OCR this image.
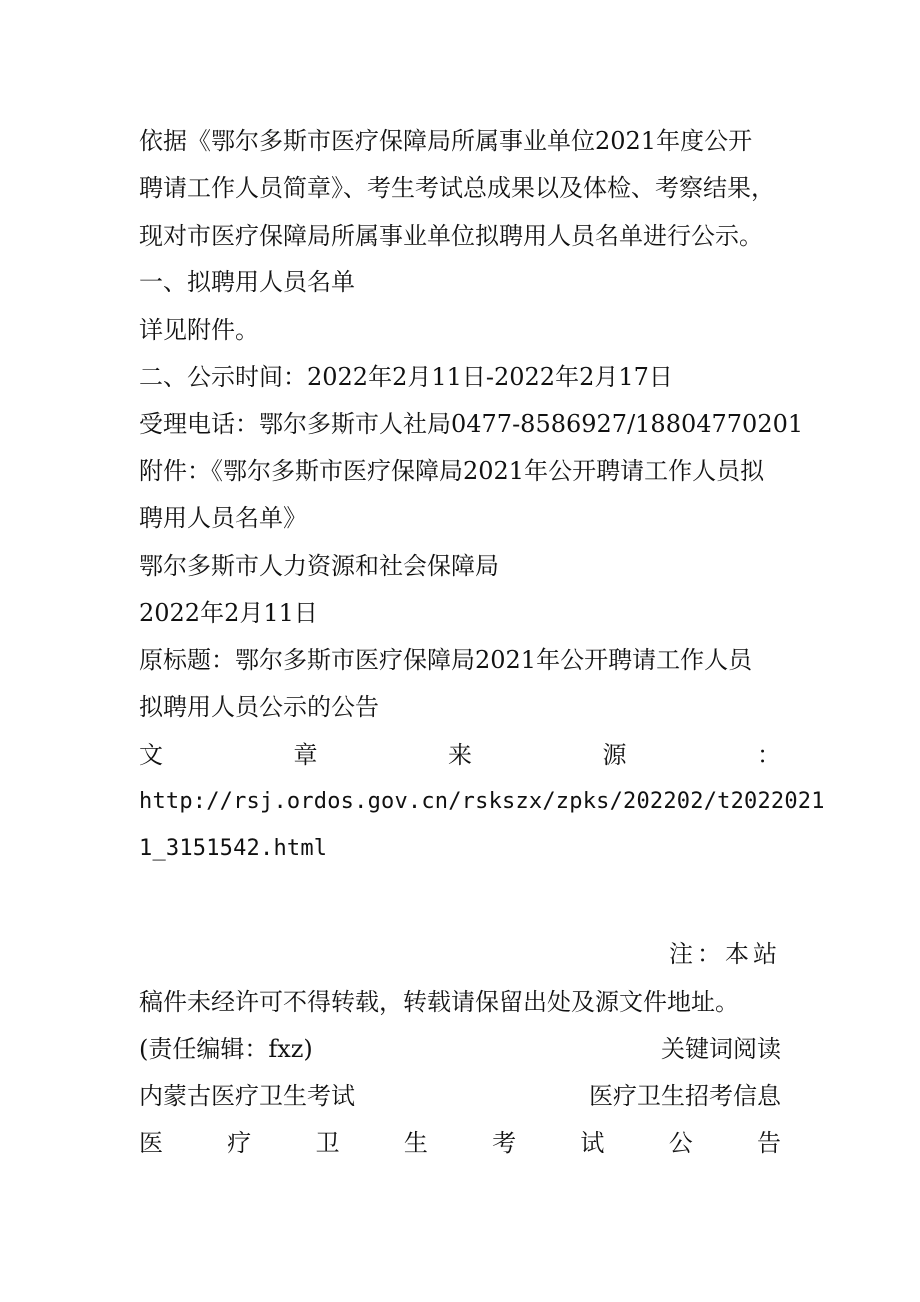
依据《鄂尔多斯市医疗保障局所属事业单位2021年度公开
聘请工作人员简章》、考生考试总成果以及体检、考察结果，
现对市医疗保障局所属事业单位拟聘用人员名单进行公示。
一、拟聘用人员名单
详见附件。
二、公示时间：2022年2月11日-2022年2月17日
受理电话：鄂尔多斯市人社局0477-8586927/18804770201
附件：《鄂尔多斯市医疗保障局2021年公开聘请工作人员拟
聘用人员名单》
鄂尔多斯市人力资源和社会保障局
2022年2月11日
原标题：鄂尔多斯市医疗保障局2021年公开聘请工作人员
拟聘用人员公示的公告
文	章	来	源	：
http://rsj.ordos.gov.cn/rskszx/zpks/202202/t2022021
1_3151542.html
注：本站
稿件未经许可不得转载，转载请保留出处及源文件地址。
(责任编辑：fxz)	关键词阅读
内蒙古医疗卫生考试	医疗卫生招考信息
医	疗	卫	生	考	试	公	告
